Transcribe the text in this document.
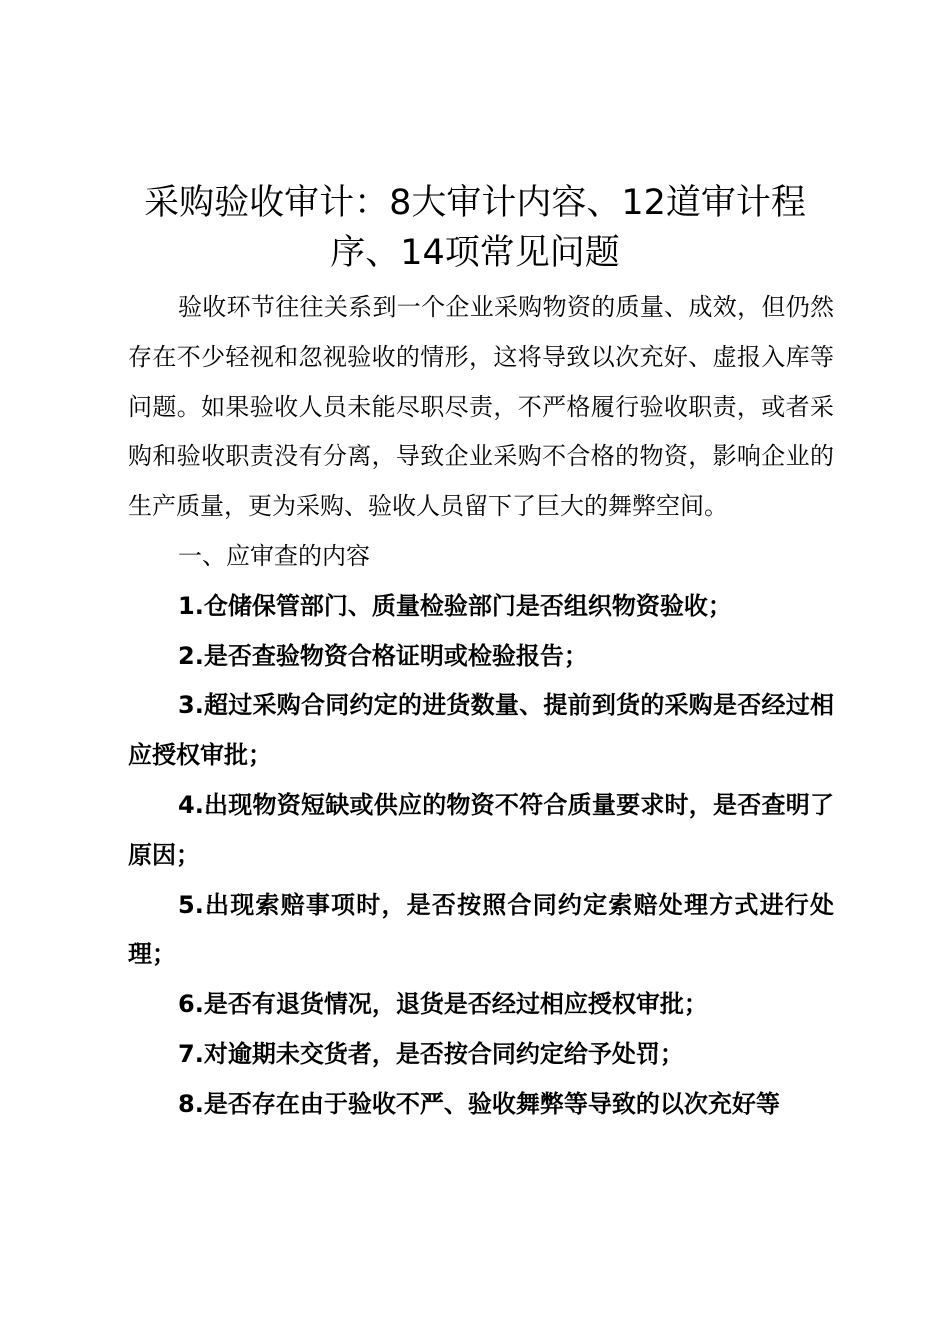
采购验收审计：8大审计内容、12道审计程序、14项常见问题

验收环节往往关系到一个企业采购物资的质量、成效，但仍然存在不少轻视和忽视验收的情形，这将导致以次充好、虚报入库等问题。如果验收人员未能尽职尽责，不严格履行验收职责，或者采购和验收职责没有分离，导致企业采购不合格的物资，影响企业的生产质量，更为采购、验收人员留下了巨大的舞弊空间。

一、应审查的内容

1.仓储保管部门、质量检验部门是否组织物资验收；

2.是否查验物资合格证明或检验报告；

3.超过采购合同约定的进货数量、提前到货的采购是否经过相应授权审批；

4.出现物资短缺或供应的物资不符合质量要求时，是否查明了原因；

5.出现索赔事项时，是否按照合同约定索赔处理方式进行处理；

6.是否有退货情况，退货是否经过相应授权审批；

7.对逾期未交货者，是否按合同约定给予处罚；

8.是否存在由于验收不严、验收舞弊等导致的以次充好等
